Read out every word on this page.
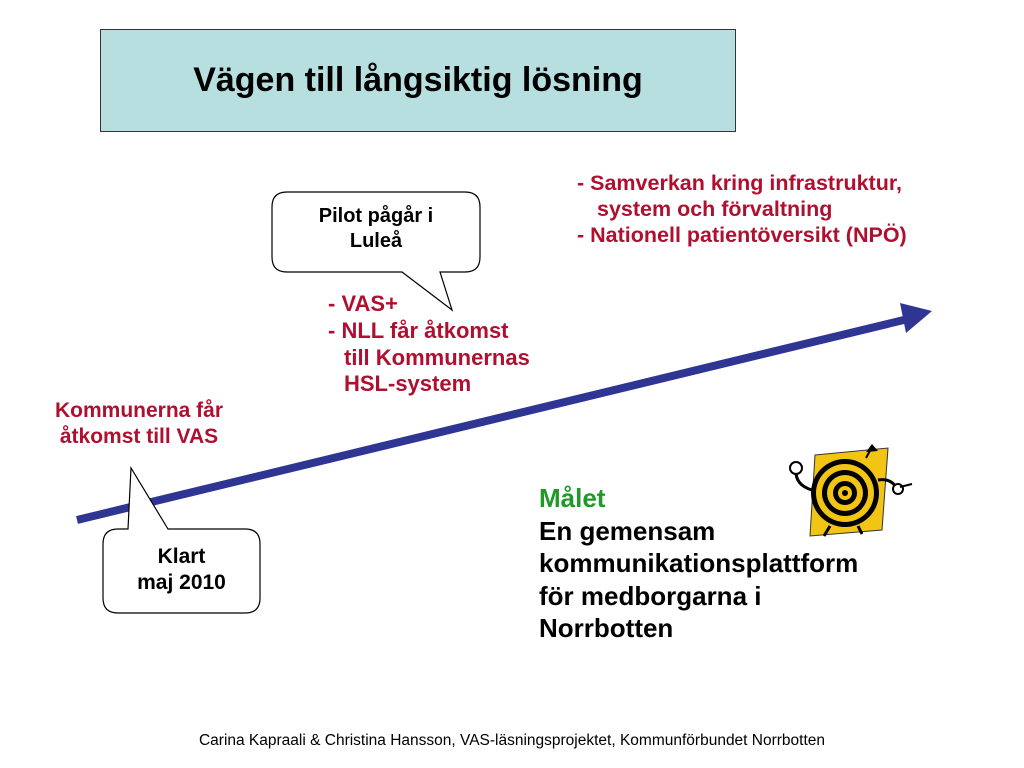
Vägen till långsiktig lösning
Pilot pågår i
Luleå
Klart
maj 2010
Kommunerna får
åtkomst till VAS
- VAS+
- NLL får åtkomst
till Kommunernas
HSL-system
- Samverkan kring infrastruktur,
system och förvaltning
- Nationell patientöversikt (NPÖ)
Målet
En gemensam
kommunikationsplattform
för medborgarna i
Norrbotten
Carina Kapraali & Christina Hansson, VAS-läsningsprojektet, Kommunförbundet Norrbotten
